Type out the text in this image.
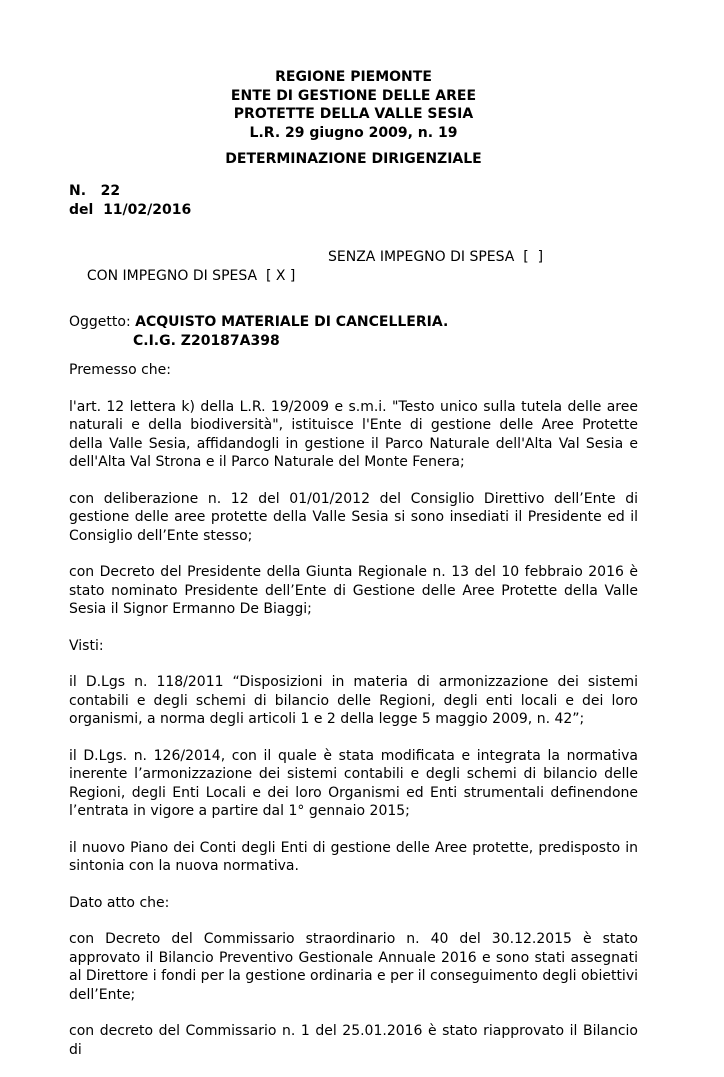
REGIONE PIEMONTE
ENTE DI GESTIONE DELLE AREE
PROTETTE DELLA VALLE SESIA
L.R. 29 giugno 2009, n. 19
DETERMINAZIONE DIRIGENZIALE
N.   22
del  11/02/2016

CON IMPEGNO DI SPESA  [ X ]

SENZA IMPEGNO DI SPESA  [  ]

Oggetto: ACQUISTO MATERIALE DI CANCELLERIA.
C.I.G. Z20187A398

Premesso che:

l'art. 12 lettera k) della L.R. 19/2009 e s.m.i. "Testo unico sulla tutela delle aree naturali e della biodiversità", istituisce l'Ente di gestione delle Aree Protette della Valle Sesia, affidandogli in gestione il Parco Naturale dell'Alta Val Sesia e dell'Alta Val Strona e il Parco Naturale del Monte Fenera;

con deliberazione n. 12 del 01/01/2012 del Consiglio Direttivo dell’Ente di gestione delle aree protette della Valle Sesia si sono insediati il Presidente ed il Consiglio dell’Ente stesso;

con Decreto del Presidente della Giunta Regionale n. 13 del 10 febbraio 2016 è stato nominato Presidente dell’Ente di Gestione delle Aree Protette della Valle Sesia il Signor Ermanno De Biaggi;

Visti:

il D.Lgs n. 118/2011 “Disposizioni in materia di armonizzazione dei sistemi contabili e degli schemi di bilancio delle Regioni, degli enti locali e dei loro organismi, a norma degli articoli 1 e 2 della legge 5 maggio 2009, n. 42”;

il D.Lgs. n. 126/2014, con il quale è stata modificata e integrata la normativa inerente l’armonizzazione dei sistemi contabili e degli schemi di bilancio delle Regioni, degli Enti Locali e dei loro Organismi ed Enti strumentali definendone l’entrata in vigore a partire dal 1° gennaio 2015;

il nuovo Piano dei Conti degli Enti di gestione delle Aree protette, predisposto in sintonia con la nuova normativa.

Dato atto che:

con Decreto del Commissario straordinario n. 40 del 30.12.2015 è stato approvato il Bilancio Preventivo Gestionale Annuale 2016 e sono stati assegnati al Direttore i fondi per la gestione ordinaria e per il conseguimento degli obiettivi dell’Ente;

con decreto del Commissario n. 1 del 25.01.2016 è stato riapprovato il Bilancio di
